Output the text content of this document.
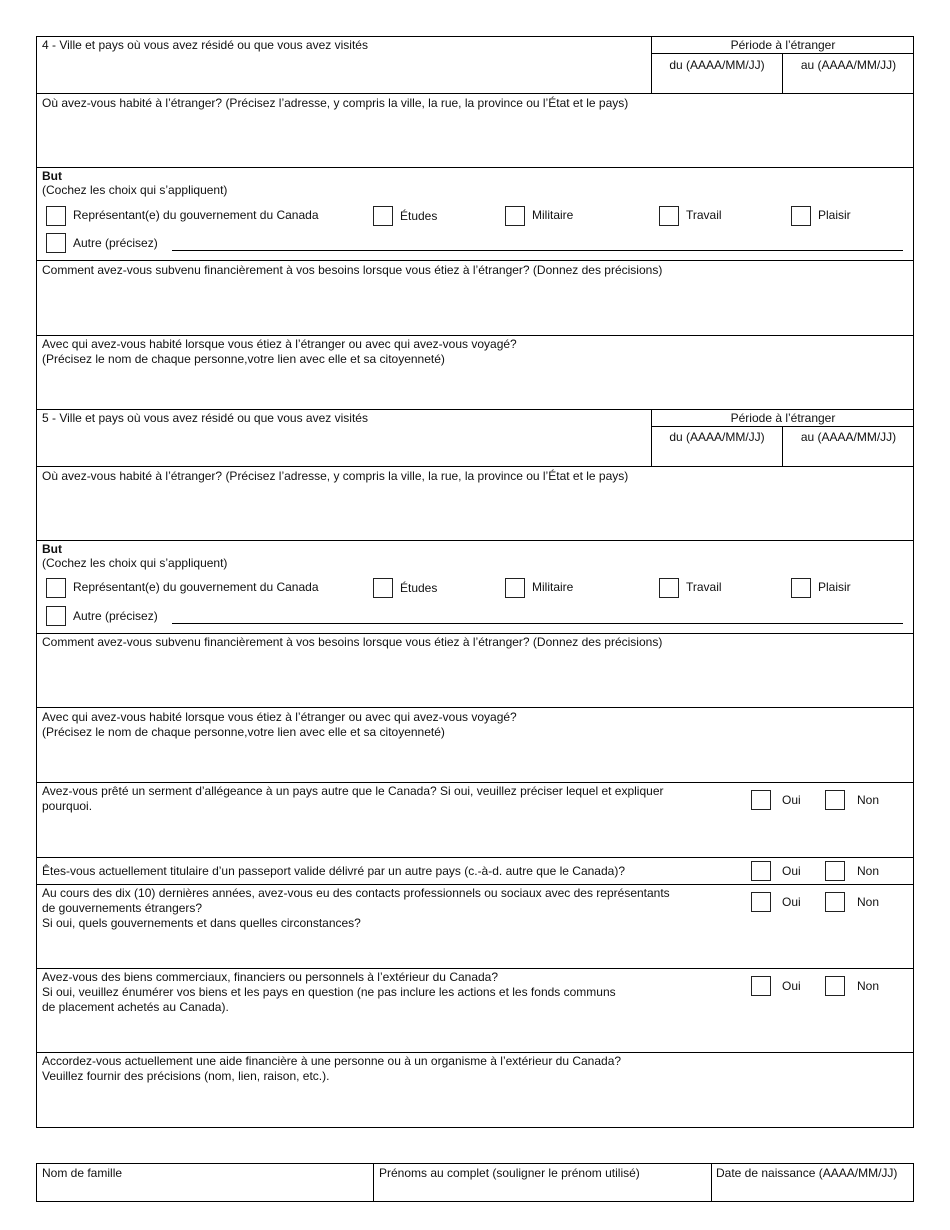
4 - Ville et pays où vous avez résidé ou que vous avez visités	Période à l’étranger
du (AAAA/MM/JJ)	au (AAAA/MM/JJ)
Où avez-vous habité à l’étranger? (Précisez l’adresse, y compris la ville, la rue, la province ou l’État et le pays)
But
(Cochez les choix qui s’appliquent)
Représentant(e) du gouvernement du Canada	Études	Militaire	Travail	Plaisir
Autre (précisez)
Comment avez-vous subvenu financièrement à vos besoins lorsque vous étiez à l’étranger? (Donnez des précisions)
Avec qui avez-vous habité lorsque vous étiez à l’étranger ou avec qui avez-vous voyagé?
(Précisez le nom de chaque personne,votre lien avec elle et sa citoyenneté)
5 - Ville et pays où vous avez résidé ou que vous avez visités	Période à l’étranger
du (AAAA/MM/JJ)	au (AAAA/MM/JJ)
Où avez-vous habité à l’étranger? (Précisez l’adresse, y compris la ville, la rue, la province ou l’État et le pays)
But
(Cochez les choix qui s’appliquent)
Représentant(e) du gouvernement du Canada	Études	Militaire	Travail	Plaisir
Autre (précisez)
Comment avez-vous subvenu financièrement à vos besoins lorsque vous étiez à l’étranger? (Donnez des précisions)
Avec qui avez-vous habité lorsque vous étiez à l’étranger ou avec qui avez-vous voyagé?
(Précisez le nom de chaque personne,votre lien avec elle et sa citoyenneté)
Avez-vous prêté un serment d’allégeance à un pays autre que le Canada? Si oui, veuillez préciser lequel et expliquer
pourquoi.	Oui	Non
Êtes-vous actuellement titulaire d’un passeport valide délivré par un autre pays (c.-à-d. autre que le Canada)?	Oui	Non
Au cours des dix (10) dernières années, avez-vous eu des contacts professionnels ou sociaux avec des représentants
de gouvernements étrangers?
Si oui, quels gouvernements et dans quelles circonstances?
Oui	Non
Avez-vous des biens commerciaux, financiers ou personnels à l’extérieur du Canada?
Si oui, veuillez énumérer vos biens et les pays en question (ne pas inclure les actions et les fonds communs
de placement achetés au Canada).
Oui	Non
Accordez-vous actuellement une aide financière à une personne ou à un organisme à l’extérieur du Canada?
Veuillez fournir des précisions (nom, lien, raison, etc.).
Nom de famille	Prénoms au complet (souligner le prénom utilisé)	Date de naissance (AAAA/MM/JJ)
